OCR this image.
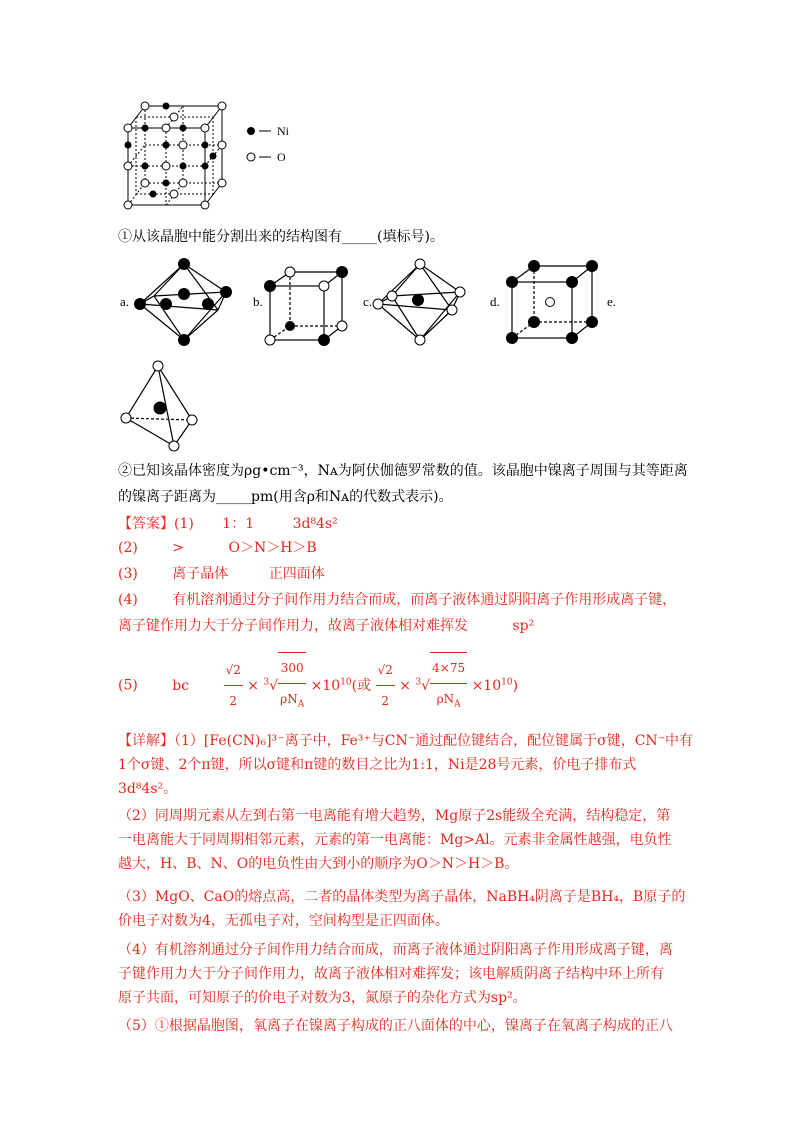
Ni
O
①从该晶胞中能分割出来的结构图有_____(填标号)。
a.	b.	c.	d.	e.
②已知该晶体密度为ρg•cm⁻³，Nᴀ为阿伏伽德罗常数的值。该晶胞中镍离子周围与其等距离
的镍离子距离为_____pm(用含ρ和Nᴀ的代数式表示)。
【答案】(1) 1：1	3d⁸4s²
(2) >	O＞N＞H＞B
(3) 离子晶体	正四面体
(4) 有机溶剂通过分子间作用力结合而成，而离子液体通过阴阳离子作用形成离子键，
离子键作用力大于分子间作用力，故离子液体相对难挥发	sp²
(5) bc	$\frac{√2}{2} \times ^3√ \frac{300}{\rho N_A} \times 10^{10}$(或 $\frac{√2}{2} \times ^3√ \frac{4\times 75}{\rho N_A} \times 10^{10}$)
【详解】（1）[Fe(CN)₆]³⁻离子中，Fe³⁺与CN⁻通过配位键结合，配位键属于σ键，CN⁻中有
1个σ键、2个π键，所以σ键和π键的数目之比为1:1，Ni是28号元素，价电子排布式
3d⁸4s²。
（2）同周期元素从左到右第一电离能有增大趋势，Mg原子2s能级全充满，结构稳定，第
一电离能大于同周期相邻元素，元素的第一电离能：Mg>Al。元素非金属性越强，电负性
越大，H、B、N、O的电负性由大到小的顺序为O＞N＞H＞B。
（3）MgO、CaO的熔点高，二者的晶体类型为离子晶体，NaBH₄阴离子是BH₄，B原子的
价电子对数为4，无孤电子对，空间构型是正四面体。
（4）有机溶剂通过分子间作用力结合而成，而离子液体通过阴阳离子作用形成离子键，离
子键作用力大于分子间作用力，故离子液体相对难挥发；该电解质阴离子结构中环上所有
原子共面，可知原子的价电子对数为3，氮原子的杂化方式为sp²。
（5）①根据晶胞图，氧离子在镍离子构成的正八面体的中心，镍离子在氧离子构成的正八
